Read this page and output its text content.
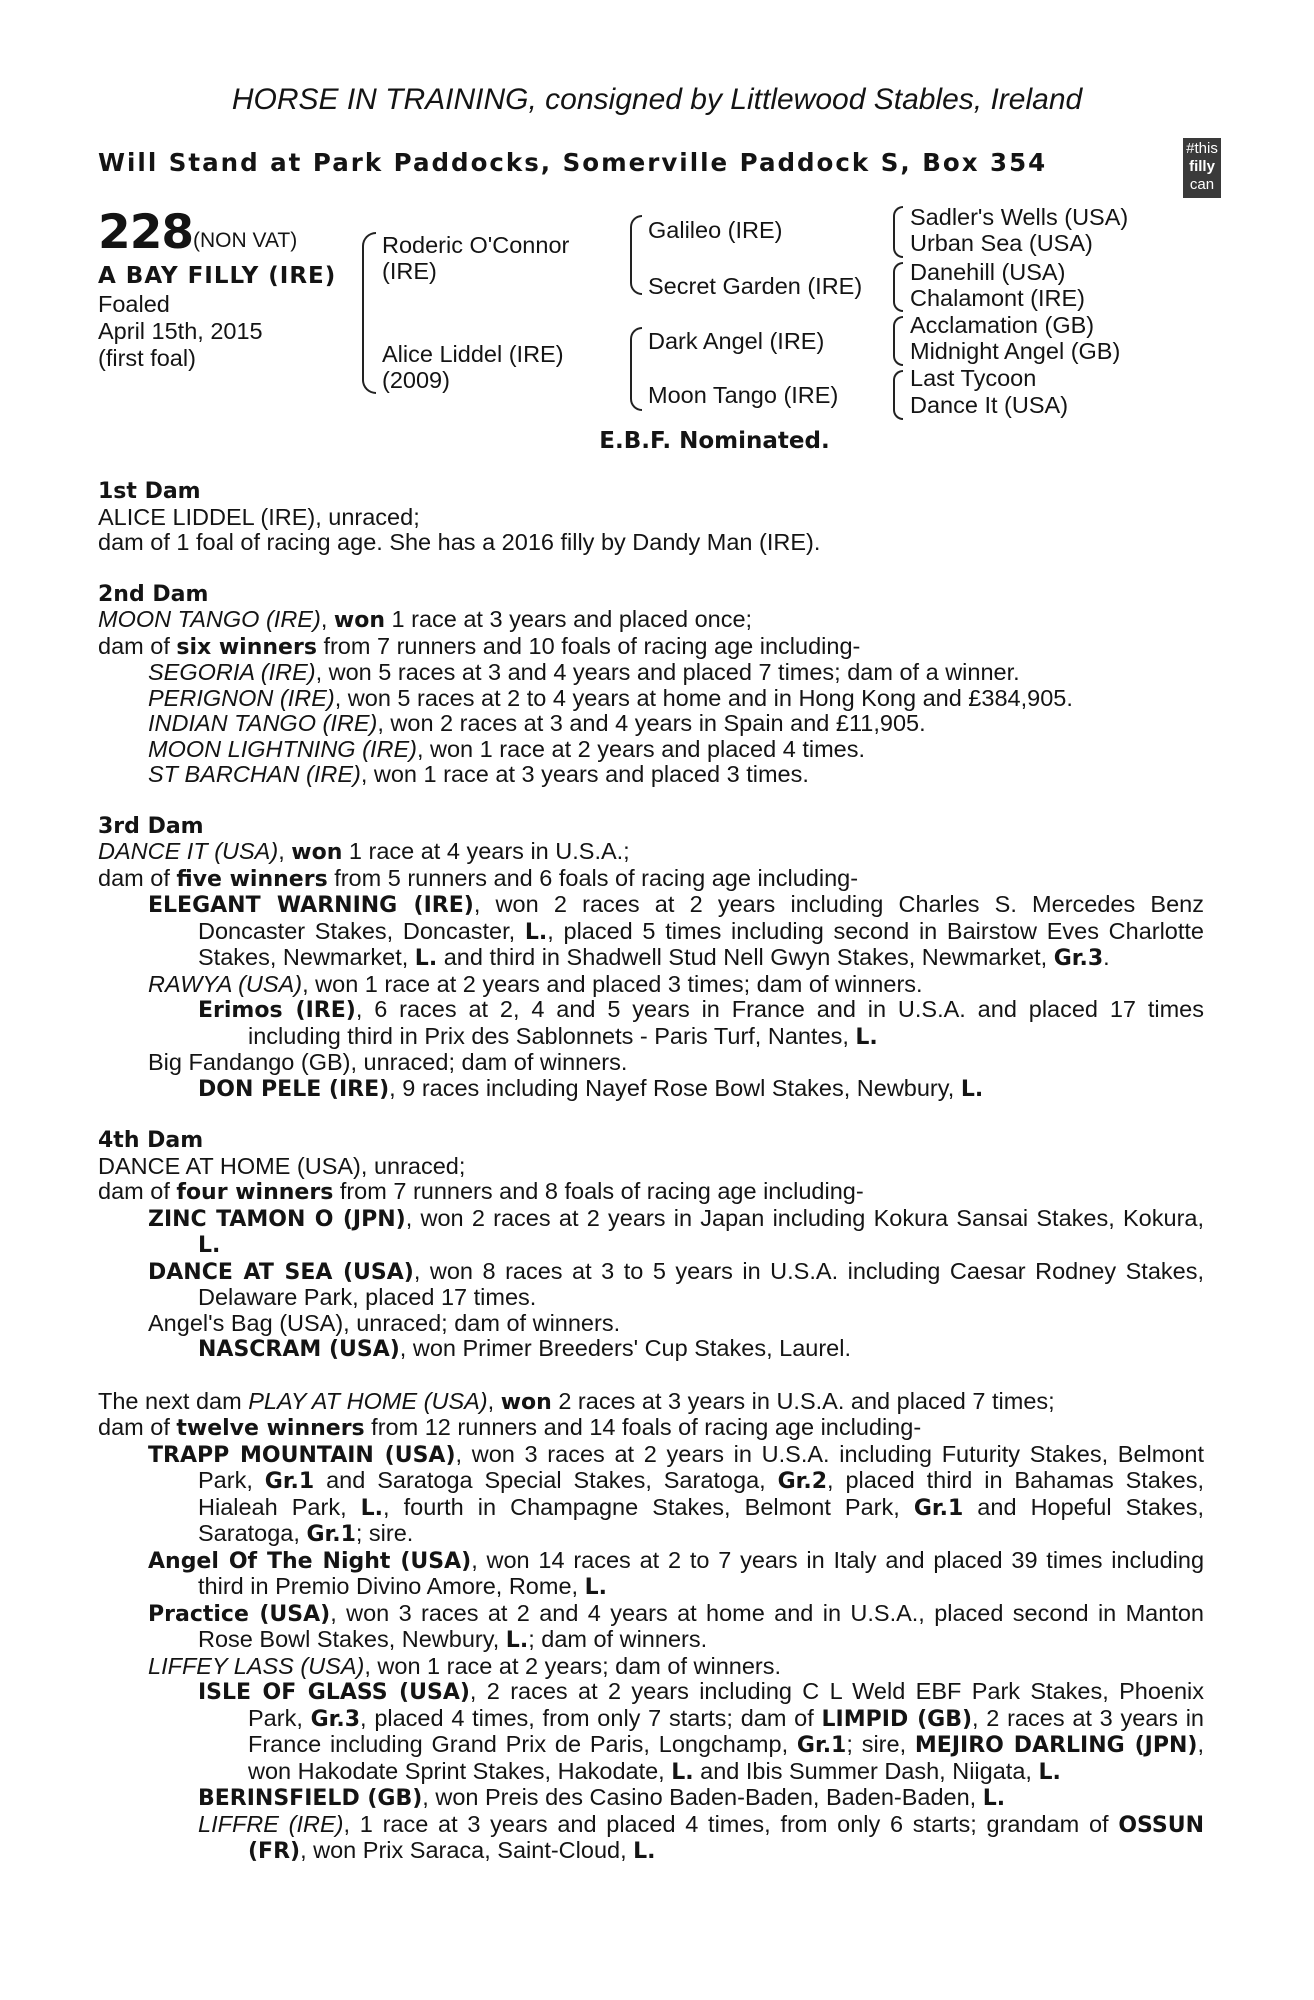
HORSE IN TRAINING, consigned by Littlewood Stables, Ireland
Will Stand at Park Paddocks, Somerville Paddock S, Box 354	#this
filly
can
228 (NON VAT)
A BAY FILLY (IRE)
Foaled
April 15th, 2015
(first foal)
Roderic O'Connor
(IRE)
Alice Liddel (IRE)
(2009)
Galileo (IRE)
Secret Garden (IRE)
Dark Angel (IRE)
Moon Tango (IRE)
Sadler's Wells (USA)
Urban Sea (USA)
Danehill (USA)
Chalamont (IRE)
Acclamation (GB)
Midnight Angel (GB)
Last Tycoon
Dance It (USA)
E.B.F. Nominated.

1st Dam

ALICE LIDDEL (IRE), unraced;

dam of 1 foal of racing age. She has a 2016 filly by Dandy Man (IRE).

2nd Dam

MOON TANGO (IRE), won 1 race at 3 years and placed once;

dam of six winners from 7 runners and 10 foals of racing age including-

SEGORIA (IRE), won 5 races at 3 and 4 years and placed 7 times; dam of a winner.

PERIGNON (IRE), won 5 races at 2 to 4 years at home and in Hong Kong and £384,905.

INDIAN TANGO (IRE), won 2 races at 3 and 4 years in Spain and £11,905.

MOON LIGHTNING (IRE), won 1 race at 2 years and placed 4 times.

ST BARCHAN (IRE), won 1 race at 3 years and placed 3 times.

3rd Dam

DANCE IT (USA), won 1 race at 4 years in U.S.A.;

dam of five winners from 5 runners and 6 foals of racing age including-

ELEGANT WARNING (IRE), won 2 races at 2 years including Charles S. Mercedes Benz Doncaster Stakes, Doncaster, L., placed 5 times including second in Bairstow Eves Charlotte Stakes, Newmarket, L. and third in Shadwell Stud Nell Gwyn Stakes, Newmarket, Gr.3.

RAWYA (USA), won 1 race at 2 years and placed 3 times; dam of winners.

Erimos (IRE), 6 races at 2, 4 and 5 years in France and in U.S.A. and placed 17 times including third in Prix des Sablonnets - Paris Turf, Nantes, L.

Big Fandango (GB), unraced; dam of winners.

DON PELE (IRE), 9 races including Nayef Rose Bowl Stakes, Newbury, L.

4th Dam

DANCE AT HOME (USA), unraced;

dam of four winners from 7 runners and 8 foals of racing age including-

ZINC TAMON O (JPN), won 2 races at 2 years in Japan including Kokura Sansai Stakes, Kokura, L.

DANCE AT SEA (USA), won 8 races at 3 to 5 years in U.S.A. including Caesar Rodney Stakes, Delaware Park, placed 17 times.

Angel's Bag (USA), unraced; dam of winners.

NASCRAM (USA), won Primer Breeders' Cup Stakes, Laurel.

The next dam PLAY AT HOME (USA), won 2 races at 3 years in U.S.A. and placed 7 times;

dam of twelve winners from 12 runners and 14 foals of racing age including-

TRAPP MOUNTAIN (USA), won 3 races at 2 years in U.S.A. including Futurity Stakes, Belmont Park, Gr.1 and Saratoga Special Stakes, Saratoga, Gr.2, placed third in Bahamas Stakes, Hialeah Park, L., fourth in Champagne Stakes, Belmont Park, Gr.1 and Hopeful Stakes, Saratoga, Gr.1; sire.

Angel Of The Night (USA), won 14 races at 2 to 7 years in Italy and placed 39 times including third in Premio Divino Amore, Rome, L.

Practice (USA), won 3 races at 2 and 4 years at home and in U.S.A., placed second in Manton Rose Bowl Stakes, Newbury, L.; dam of winners.

LIFFEY LASS (USA), won 1 race at 2 years; dam of winners.

ISLE OF GLASS (USA), 2 races at 2 years including C L Weld EBF Park Stakes, Phoenix Park, Gr.3, placed 4 times, from only 7 starts; dam of LIMPID (GB), 2 races at 3 years in France including Grand Prix de Paris, Longchamp, Gr.1; sire, MEJIRO DARLING (JPN), won Hakodate Sprint Stakes, Hakodate, L. and Ibis Summer Dash, Niigata, L.

BERINSFIELD (GB), won Preis des Casino Baden-Baden, Baden-Baden, L.

LIFFRE (IRE), 1 race at 3 years and placed 4 times, from only 6 starts; grandam of OSSUN (FR), won Prix Saraca, Saint-Cloud, L.
